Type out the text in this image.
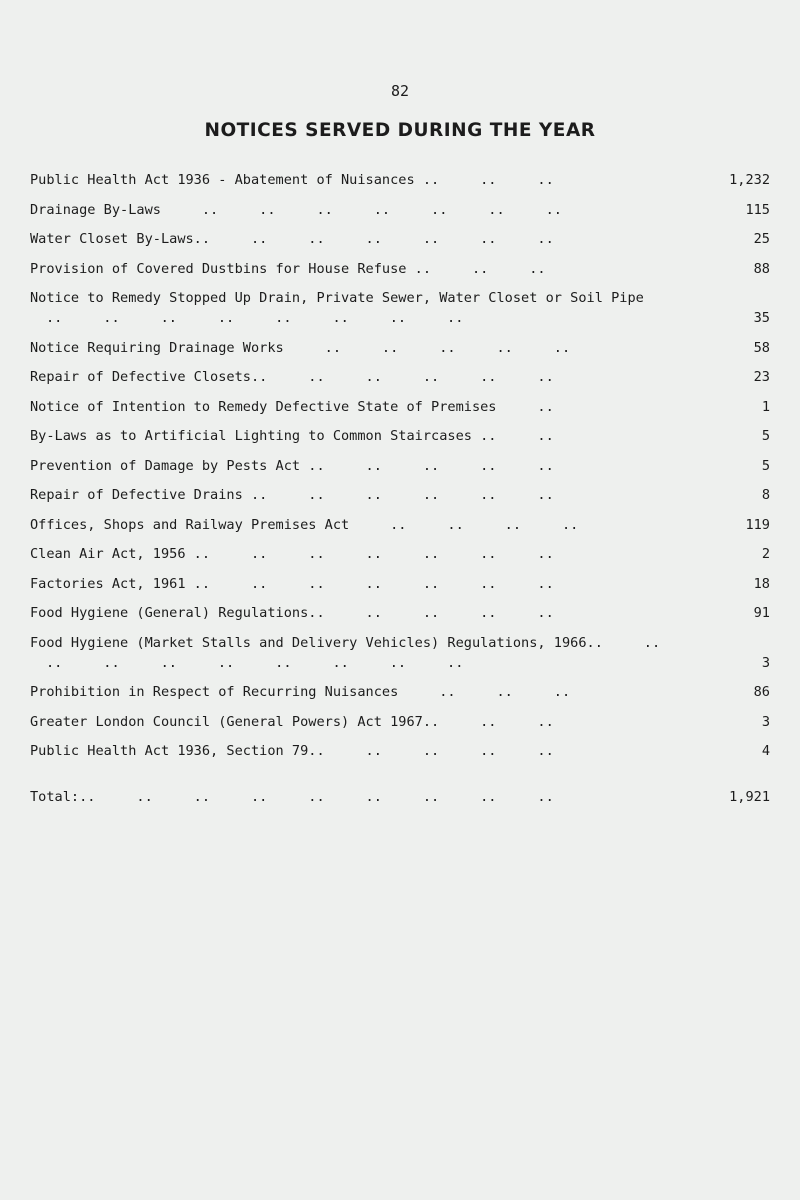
82
NOTICES SERVED DURING THE YEAR
Public Health Act 1936 - Abatement of Nuisances ..     ..     ..	1,232
Drainage By-Laws     ..     ..     ..     ..     ..     ..     ..	115
Water Closet By-Laws..     ..     ..     ..     ..     ..     ..	25
Provision of Covered Dustbins for House Refuse ..     ..     ..	88
Notice to Remedy Stopped Up Drain, Private Sewer, Water Closet or Soil Pipe     ..     ..     ..     ..     ..     ..     ..     ..	35
Notice Requiring Drainage Works     ..     ..     ..     ..     ..	58
Repair of Defective Closets..     ..     ..     ..     ..     ..	23
Notice of Intention to Remedy Defective State of Premises     ..	1
By-Laws as to Artificial Lighting to Common Staircases ..     ..	5
Prevention of Damage by Pests Act ..     ..     ..     ..     ..	5
Repair of Defective Drains ..     ..     ..     ..     ..     ..	8
Offices, Shops and Railway Premises Act     ..     ..     ..     ..	119
Clean Air Act, 1956 ..     ..     ..     ..     ..     ..     ..	2
Factories Act, 1961 ..     ..     ..     ..     ..     ..     ..	18
Food Hygiene (General) Regulations..     ..     ..     ..     ..	91
Food Hygiene (Market Stalls and Delivery Vehicles) Regulations, 1966..     ..     ..     ..     ..     ..     ..     ..     ..     ..	3
Prohibition in Respect of Recurring Nuisances     ..     ..     ..	86
Greater London Council (General Powers) Act 1967..     ..     ..	3
Public Health Act 1936, Section 79..     ..     ..     ..     ..	4
Total:..     ..     ..     ..     ..     ..     ..     ..     ..	1,921
